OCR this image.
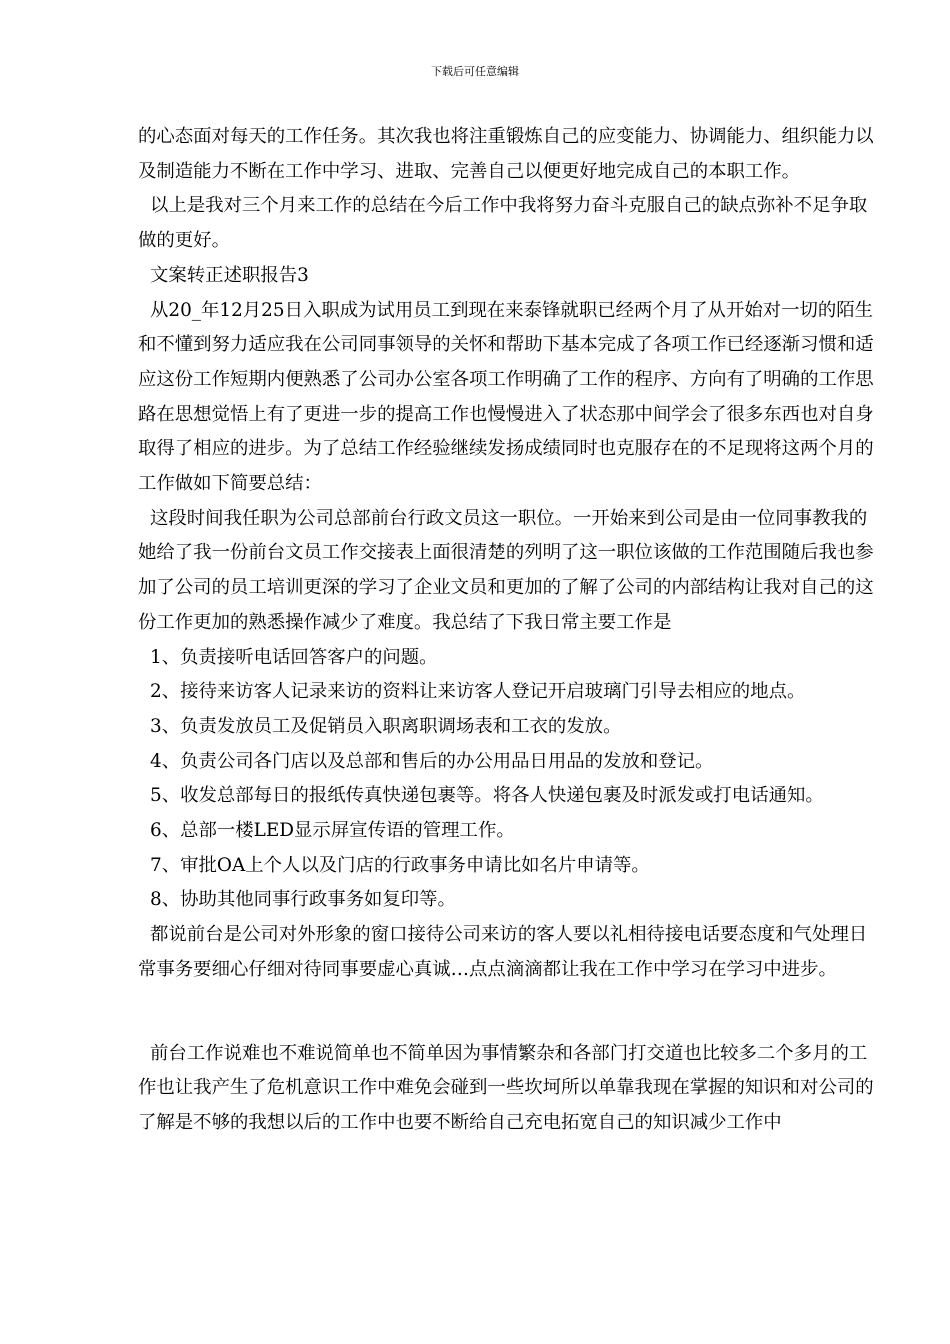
下载后可任意编辑

的心态面对每天的工作任务。其次我也将注重锻炼自己的应变能力、协调能力、组织能力以及制造能力不断在工作中学习、进取、完善自己以便更好地完成自己的本职工作。

以上是我对三个月来工作的总结在今后工作中我将努力奋斗克服自己的缺点弥补不足争取做的更好。

文案转正述职报告3

从20_年12月25日入职成为试用员工到现在来泰锋就职已经两个月了从开始对一切的陌生和不懂到努力适应我在公司同事领导的关怀和帮助下基本完成了各项工作已经逐渐习惯和适应这份工作短期内便熟悉了公司办公室各项工作明确了工作的程序、方向有了明确的工作思路在思想觉悟上有了更进一步的提高工作也慢慢进入了状态那中间学会了很多东西也对自身取得了相应的进步。为了总结工作经验继续发扬成绩同时也克服存在的不足现将这两个月的工作做如下简要总结：

这段时间我任职为公司总部前台行政文员这一职位。一开始来到公司是由一位同事教我的她给了我一份前台文员工作交接表上面很清楚的列明了这一职位该做的工作范围随后我也参加了公司的员工培训更深的学习了企业文员和更加的了解了公司的内部结构让我对自己的这份工作更加的熟悉操作减少了难度。我总结了下我日常主要工作是

1、负责接听电话回答客户的问题。

2、接待来访客人记录来访的资料让来访客人登记开启玻璃门引导去相应的地点。

3、负责发放员工及促销员入职离职调场表和工衣的发放。

4、负责公司各门店以及总部和售后的办公用品日用品的发放和登记。

5、收发总部每日的报纸传真快递包裹等。将各人快递包裹及时派发或打电话通知。

6、总部一楼LED显示屏宣传语的管理工作。

7、审批OA上个人以及门店的行政事务申请比如名片申请等。

8、协助其他同事行政事务如复印等。

都说前台是公司对外形象的窗口接待公司来访的客人要以礼相待接电话要态度和气处理日常事务要细心仔细对待同事要虚心真诚…点点滴滴都让我在工作中学习在学习中进步。

前台工作说难也不难说简单也不简单因为事情繁杂和各部门打交道也比较多二个多月的工作也让我产生了危机意识工作中难免会碰到一些坎坷所以单靠我现在掌握的知识和对公司的了解是不够的我想以后的工作中也要不断给自己充电拓宽自己的知识减少工作中
